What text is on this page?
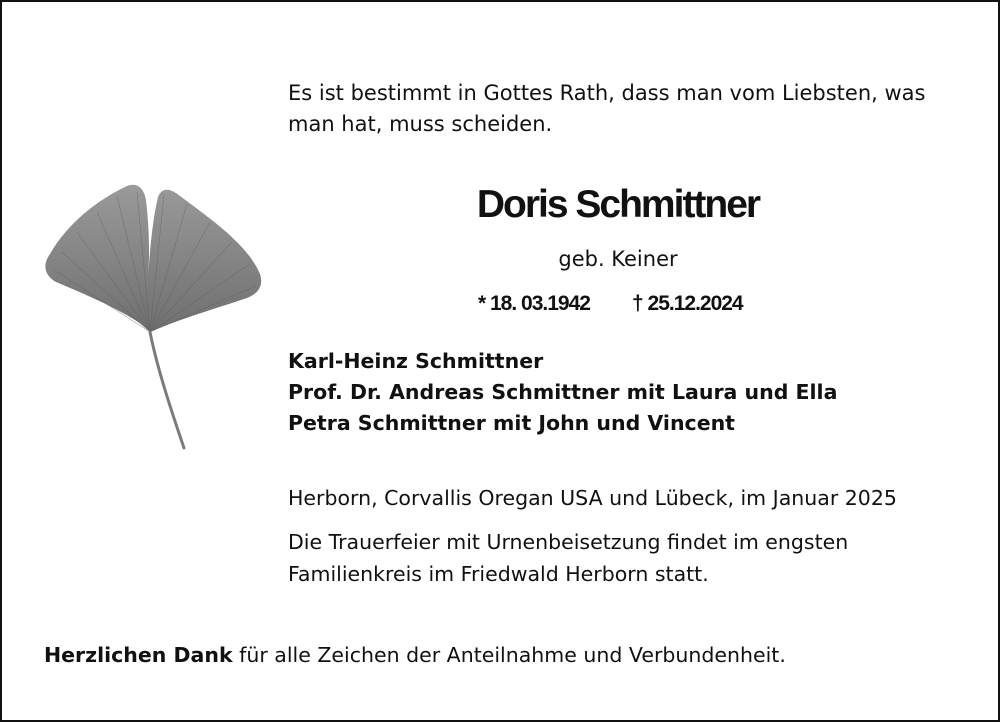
Es ist bestimmt in Gottes Rath, dass man vom Liebsten, was
man hat, muss scheiden.
Doris Schmittner
geb. Keiner
* 18. 03.1942 † 25.12.2024
Karl-Heinz Schmittner
Prof. Dr. Andreas Schmittner mit Laura und Ella
Petra Schmittner mit John und Vincent
Herborn, Corvallis Oregan USA und Lübeck, im Januar 2025
Die Trauerfeier mit Urnenbeisetzung findet im engsten
Familienkreis im Friedwald Herborn statt.
Herzlichen Dank für alle Zeichen der Anteilnahme und Verbundenheit.
